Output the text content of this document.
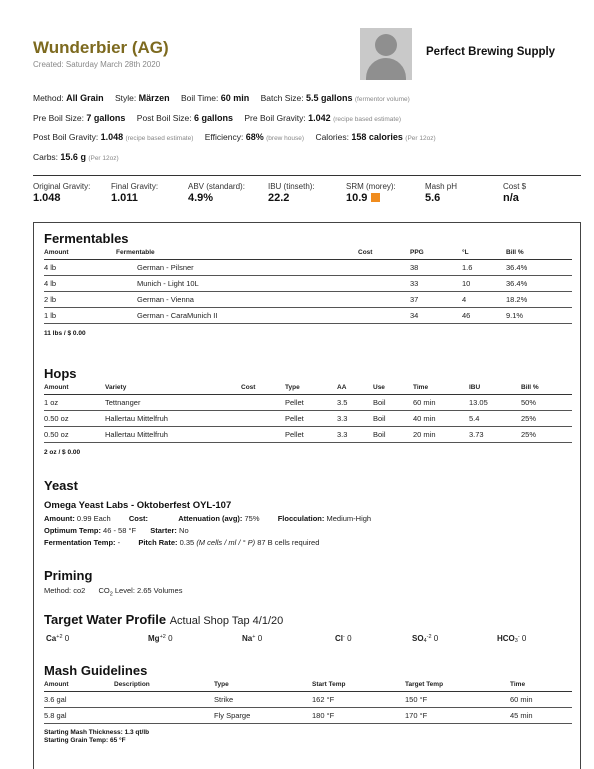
Wunderbier (AG)
Created: Saturday March 28th 2020
Perfect Brewing Supply
Method: All Grain Style: Märzen Boil Time: 60 min Batch Size: 5.5 gallons (fermentor volume)
Pre Boil Size: 7 gallons Post Boil Size: 6 gallons Pre Boil Gravity: 1.042 (recipe based estimate)
Post Boil Gravity: 1.048 (recipe based estimate) Efficiency: 68% (brew house) Calories: 158 calories (Per 12oz)
Carbs: 15.6 g (Per 12oz)
Original Gravity:
1.048
Final Gravity:
1.011
ABV (standard):
4.9%
IBU (tinseth):
22.2
SRM (morey):
10.9
Mash pH
5.6
Cost $
n/a
Fermentables
Amount	Fermentable	Cost	PPG	°L	Bill %
4 lb	German - Pilsner		38	1.6	36.4%
4 lb	Munich - Light 10L		33	10	36.4%
2 lb	German - Vienna		37	4	18.2%
1 lb	German - CaraMunich II		34	46	9.1%
11 lbs / $ 0.00
Hops
Amount	Variety	Cost	Type	AA	Use	Time	IBU	Bill %
1 oz	Tettnanger		Pellet	3.5	Boil	60 min	13.05	50%
0.50 oz	Hallertau Mittelfruh		Pellet	3.3	Boil	40 min	5.4	25%
0.50 oz	Hallertau Mittelfruh		Pellet	3.3	Boil	20 min	3.73	25%
2 oz / $ 0.00
Yeast
Omega Yeast Labs - Oktoberfest OYL-107
Amount: 0.99 Each Cost:	Attenuation (avg): 75% Flocculation: Medium-High
Optimum Temp: 46 - 58 °F Starter: No
Fermentation Temp: - Pitch Rate: 0.35 (M cells / ml / ° P) 87 B cells required
Priming
Method: co2 $CO_2$ Level: 2.65 Volumes
Target Water Profile Actual Shop Tap 4/1/20
$Ca^{+2}$ 0	$Mg^{+2}$ 0	Na+ 0	Cl- 0	$SO_4^{-2}$ 0	$HCO_3^-$ 0
Mash Guidelines
Amount	Description	Type	Start Temp	Target Temp	Time
3.6 gal		Strike	162 °F	150 °F	60 min
5.8 gal		Fly Sparge	180 °F	170 °F	45 min
Starting Mash Thickness: 1.3 qt/lb
Starting Grain Temp: 65 °F
